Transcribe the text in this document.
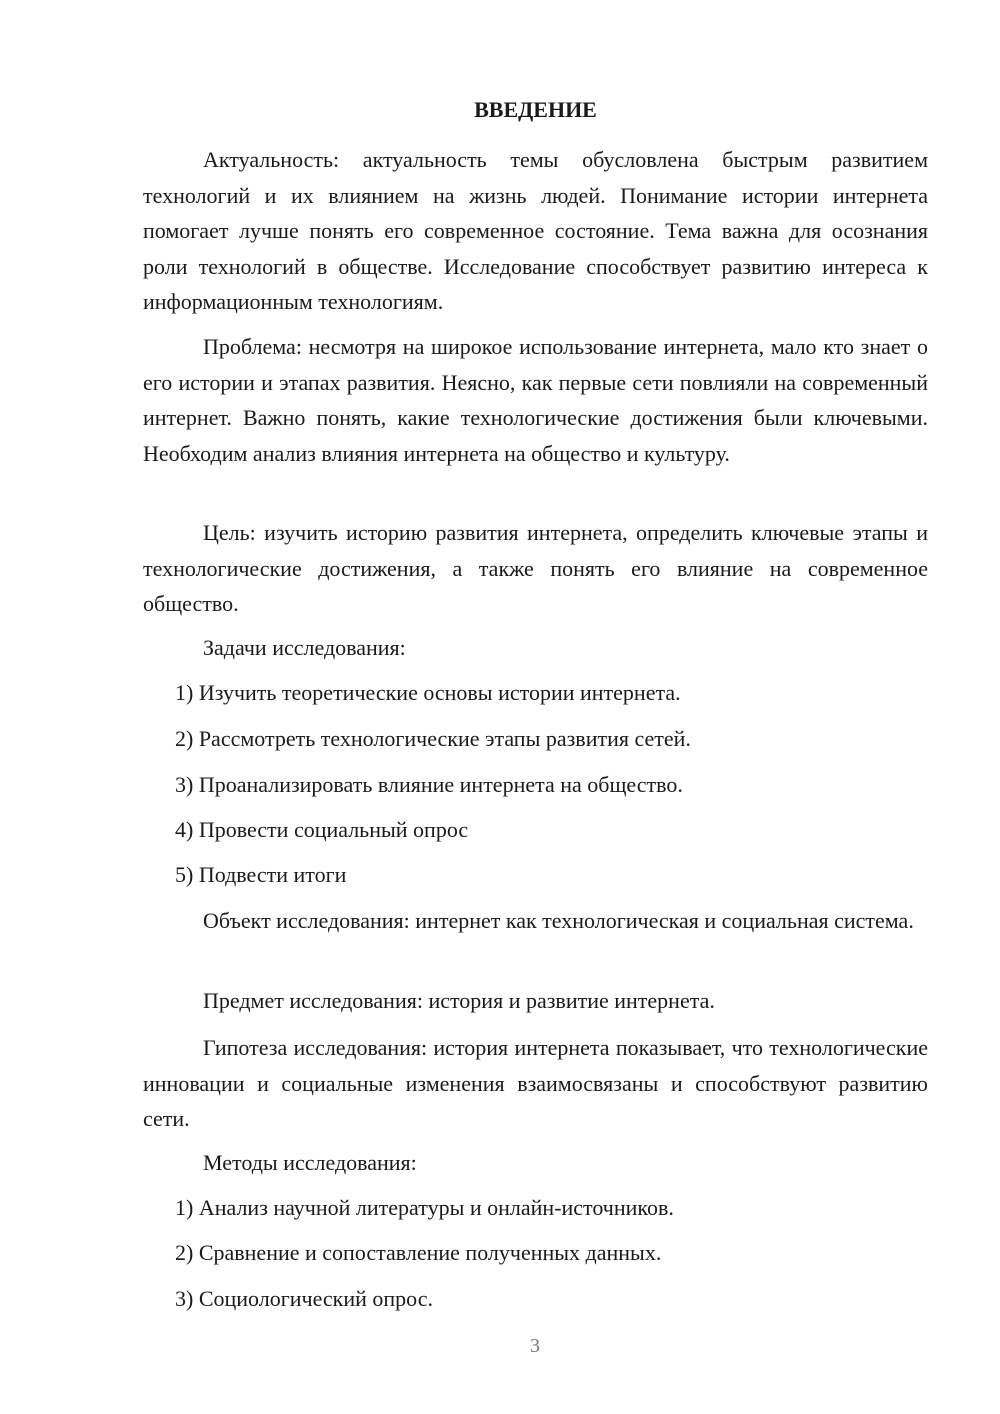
ВВЕДЕНИЕ

Актуальность: актуальность темы обусловлена быстрым развитием технологий и их влиянием на жизнь людей. Понимание истории интернета помогает лучше понять его современное состояние. Тема важна для осознания роли технологий в обществе. Исследование способствует развитию интереса к информационным технологиям.

Проблема: несмотря на широкое использование интернета, мало кто знает о его истории и этапах развития. Неясно, как первые сети повлияли на современный интернет. Важно понять, какие технологические достижения были ключевыми. Необходим анализ влияния интернета на общество и культуру.

Цель: изучить историю развития интернета, определить ключевые этапы и технологические достижения, а также понять его влияние на современное общество.

Задачи исследования:

1) Изучить теоретические основы истории интернета.

2) Рассмотреть технологические этапы развития сетей.

3) Проанализировать влияние интернета на общество.

4) Провести социальный опрос

5) Подвести итоги

Объект исследования: интернет как технологическая и социальная система.

Предмет исследования: история и развитие интернета.

Гипотеза исследования: история интернета показывает, что технологические инновации и социальные изменения взаимосвязаны и способствуют развитию сети.

Методы исследования:

1) Анализ научной литературы и онлайн-источников.

2) Сравнение и сопоставление полученных данных.

3) Социологический опрос.

3
